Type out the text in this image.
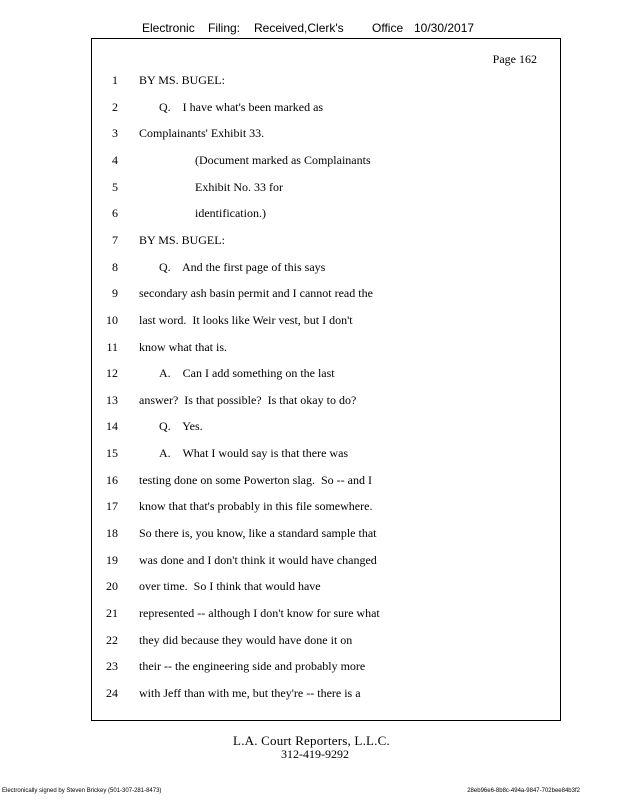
Electronic Filing: Received,Clerk's Office 10/30/2017
Page 162
1 BY MS. BUGEL:
2	Q.    I have what's been marked as
3 Complainants' Exhibit 33.
4	(Document marked as Complainants
5	Exhibit No. 33 for
6	identification.)
7 BY MS. BUGEL:
8	Q.    And the first page of this says
9 secondary ash basin permit and I cannot read the
10 last word.  It looks like Weir vest, but I don't
11 know what that is.
12	A.    Can I add something on the last
13 answer?  Is that possible?  Is that okay to do?
14	Q.    Yes.
15	A.    What I would say is that there was
16 testing done on some Powerton slag.  So -- and I
17 know that that's probably in this file somewhere.
18 So there is, you know, like a standard sample that
19 was done and I don't think it would have changed
20 over time.  So I think that would have
21 represented -- although I don't know for sure what
22 they did because they would have done it on
23 their -- the engineering side and probably more
24 with Jeff than with me, but they're -- there is a
L.A. Court Reporters, L.L.C.
312-419-9292
Electronically signed by Steven Brickey (501-307-281-8473)	28eb96e6-8b8c-494a-9847-702bee84b3f2
